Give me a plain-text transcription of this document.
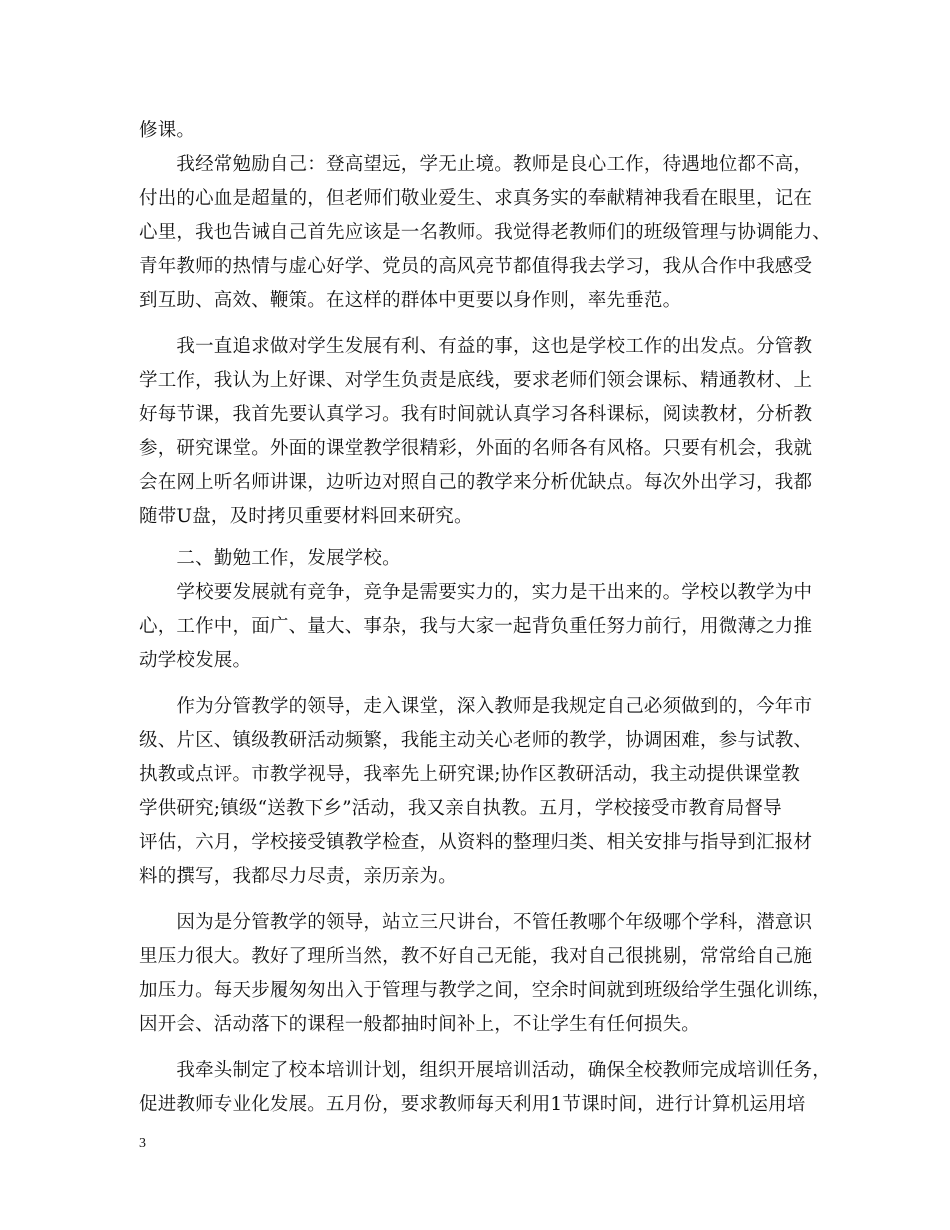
修课。
　　我经常勉励自己：登高望远，学无止境。教师是良心工作，待遇地位都不高，
付出的心血是超量的，但老师们敬业爱生、求真务实的奉献精神我看在眼里，记在
心里，我也告诫自己首先应该是一名教师。我觉得老教师们的班级管理与协调能力、
青年教师的热情与虚心好学、党员的高风亮节都值得我去学习，我从合作中我感受
到互助、高效、鞭策。在这样的群体中更要以身作则，率先垂范。
　　我一直追求做对学生发展有利、有益的事，这也是学校工作的出发点。分管教
学工作，我认为上好课、对学生负责是底线，要求老师们领会课标、精通教材、上
好每节课，我首先要认真学习。我有时间就认真学习各科课标，阅读教材，分析教
参，研究课堂。外面的课堂教学很精彩，外面的名师各有风格。只要有机会，我就
会在网上听名师讲课，边听边对照自己的教学来分析优缺点。每次外出学习，我都
随带U盘，及时拷贝重要材料回来研究。
　　二、勤勉工作，发展学校。
　　学校要发展就有竞争，竞争是需要实力的，实力是干出来的。学校以教学为中
心，工作中，面广、量大、事杂，我与大家一起背负重任努力前行，用微薄之力推
动学校发展。
　　作为分管教学的领导，走入课堂，深入教师是我规定自己必须做到的，今年市
级、片区、镇级教研活动频繁，我能主动关心老师的教学，协调困难，参与试教、
执教或点评。市教学视导，我率先上研究课;协作区教研活动，我主动提供课堂教
学供研究;镇级“送教下乡”活动，我又亲自执教。五月，学校接受市教育局督导
评估，六月，学校接受镇教学检查，从资料的整理归类、相关安排与指导到汇报材
料的撰写，我都尽力尽责，亲历亲为。
　　因为是分管教学的领导，站立三尺讲台，不管任教哪个年级哪个学科，潜意识
里压力很大。教好了理所当然，教不好自己无能，我对自己很挑剔，常常给自己施
加压力。每天步履匆匆出入于管理与教学之间，空余时间就到班级给学生强化训练，
因开会、活动落下的课程一般都抽时间补上，不让学生有任何损失。
　　我牵头制定了校本培训计划，组织开展培训活动，确保全校教师完成培训任务，
促进教师专业化发展。五月份，要求教师每天利用1节课时间，进行计算机运用培
3
